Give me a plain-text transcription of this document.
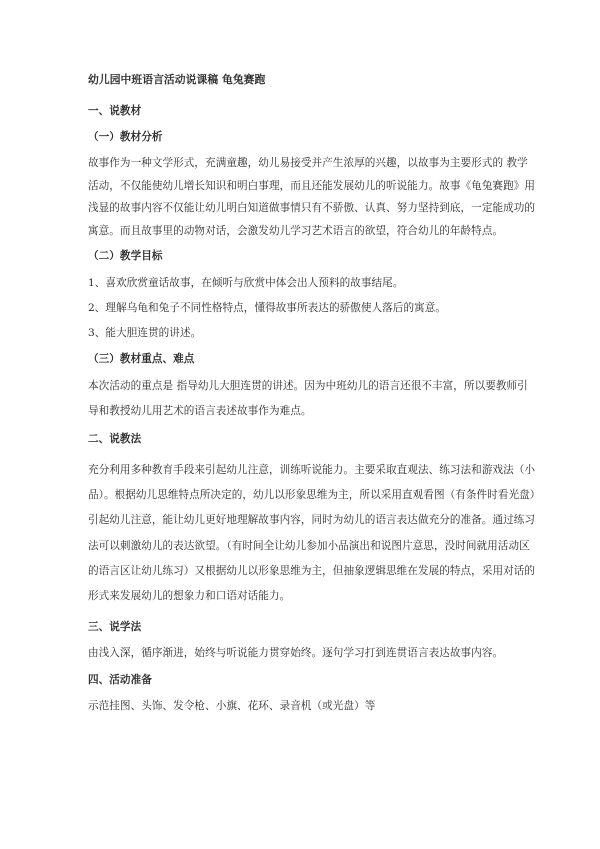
幼儿园中班语言活动说课稿 龟兔赛跑
一、说教材
（一）教材分析
故事作为一种文学形式，充满童趣，幼儿易接受并产生浓厚的兴趣，以故事为主要形式的 教学
活动，不仅能使幼儿增长知识和明白事理，而且还能发展幼儿的听说能力。故事《龟兔赛跑》用
浅显的故事内容不仅能让幼儿明白知道做事情只有不骄傲、认真、努力坚持到底，一定能成功的
寓意。而且故事里的动物对话，会激发幼儿学习艺术语言的欲望，符合幼儿的年龄特点。
（二）教学目标
1、喜欢欣赏童话故事，在倾听与欣赏中体会出人预料的故事结尾。
2、理解乌龟和兔子不同性格特点，懂得故事所表达的骄傲使人落后的寓意。
3、能大胆连贯的讲述。
（三）教材重点、难点
本次活动的重点是 指导幼儿大胆连贯的讲述。因为中班幼儿的语言还很不丰富，所以要教师引
导和教授幼儿用艺术的语言表述故事作为难点。
二、说教法
充分利用多种教育手段来引起幼儿注意，训练听说能力。主要采取直观法、练习法和游戏法（小
品）。根据幼儿思维特点所决定的，幼儿以形象思维为主，所以采用直观看图（有条件时看光盘）
引起幼儿注意，能让幼儿更好地理解故事内容，同时为幼儿的语言表达做充分的准备。通过练习
法可以刺激幼儿的表达欲望。（有时间全让幼儿参加小品演出和说图片意思，没时间就用活动区
的语言区让幼儿练习）又根据幼儿以形象思维为主，但抽象逻辑思维在发展的特点，采用对话的
形式来发展幼儿的想象力和口语对话能力。
三、说学法
由浅入深，循序渐进，始终与听说能力贯穿始终。逐句学习打到连贯语言表达故事内容。
四、活动准备
示范挂图、头饰、发令枪、小旗、花环、录音机（或光盘）等
